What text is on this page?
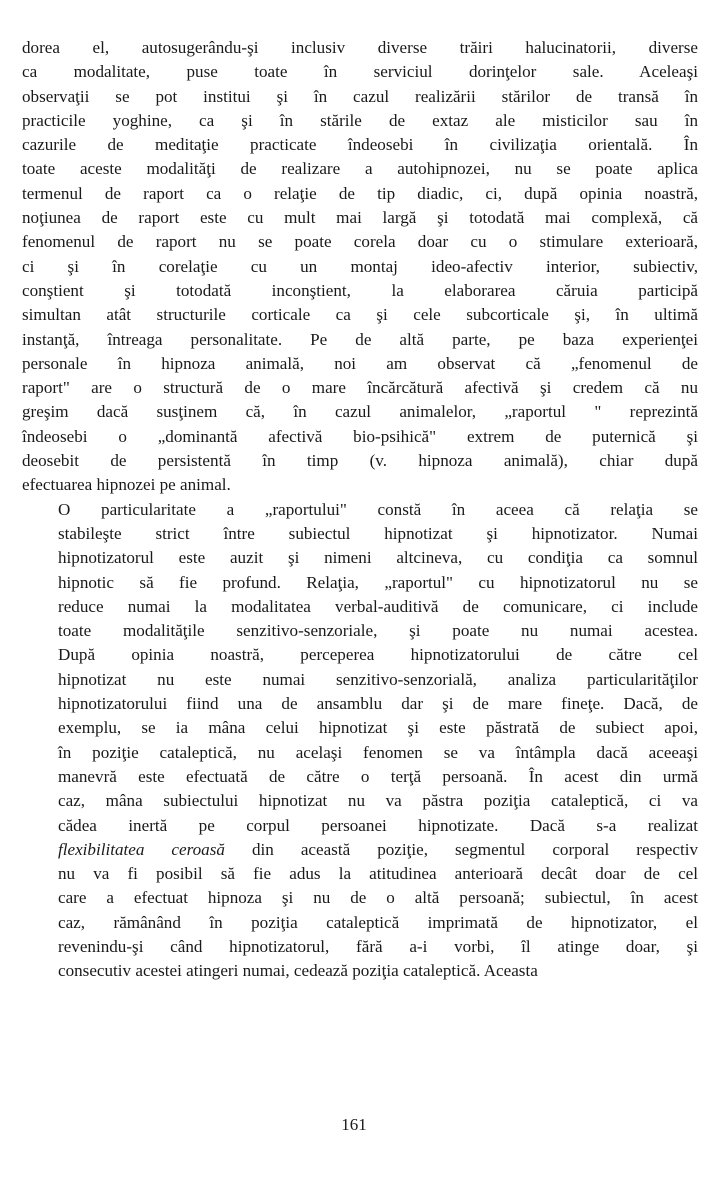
dorea el, autosugerându-şi inclusiv diverse trăiri halucinatorii, diverse
ca modalitate, puse toate în serviciul dorinţelor sale. Aceleaşi
observaţii se pot institui şi în cazul realizării stărilor de transă în
practicile yoghine, ca şi în stările de extaz ale misticilor sau în
cazurile de meditaţie practicate îndeosebi în civilizaţia orientală. În
toate aceste modalităţi de realizare a autohipnozei, nu se poate aplica
termenul de raport ca o relaţie de tip diadic, ci, după opinia noastră,
noţiunea de raport este cu mult mai largă şi totodată mai complexă, că
fenomenul de raport nu se poate corela doar cu o stimulare exterioară,
ci şi în corelaţie cu un montaj ideo-afectiv interior, subiectiv,
conştient şi totodată inconştient, la elaborarea căruia participă
simultan atât structurile corticale ca şi cele subcorticale şi, în ultimă
instanţă, întreaga personalitate. Pe de altă parte, pe baza experienţei
personale în hipnoza animală, noi am observat că „fenomenul de
raport" are o structură de o mare încărcătură afectivă şi credem că nu
greşim dacă susţinem că, în cazul animalelor, „raportul " reprezintă
îndeosebi o „dominantă afectivă bio-psihică" extrem de puternică şi
deosebit de persistentă în timp (v. hipnoza animală), chiar după
efectuarea hipnozei pe animal.
O particularitate a „raportului" constă în aceea că relaţia se
stabileşte strict între subiectul hipnotizat şi hipnotizator. Numai
hipnotizatorul este auzit şi nimeni altcineva, cu condiţia ca somnul
hipnotic să fie profund. Relaţia, „raportul" cu hipnotizatorul nu se
reduce numai la modalitatea verbal-auditivă de comunicare, ci include
toate modalităţile senzitivo-senzoriale, şi poate nu numai acestea.
După opinia noastră, perceperea hipnotizatorului de către cel
hipnotizat nu este numai senzitivo-senzorială, analiza particularităţilor
hipnotizatorului fiind una de ansamblu dar şi de mare fineţe. Dacă, de
exemplu, se ia mâna celui hipnotizat şi este păstrată de subiect apoi,
în poziţie cataleptică, nu acelaşi fenomen se va întâmpla dacă aceeaşi
manevră este efectuată de către o terţă persoană. În acest din urmă
caz, mâna subiectului hipnotizat nu va păstra poziţia cataleptică, ci va
cădea inertă pe corpul persoanei hipnotizate. Dacă s-a realizat
flexibilitatea ceroasă din această poziţie, segmentul corporal respectiv
nu va fi posibil să fie adus la atitudinea anterioară decât doar de cel
care a efectuat hipnoza şi nu de o altă persoană; subiectul, în acest
caz, rămânând în poziţia cataleptică imprimată de hipnotizator, el
revenindu-şi când hipnotizatorul, fără a-i vorbi, îl atinge doar, şi
consecutiv acestei atingeri numai, cedează poziţia cataleptică. Aceasta
161
